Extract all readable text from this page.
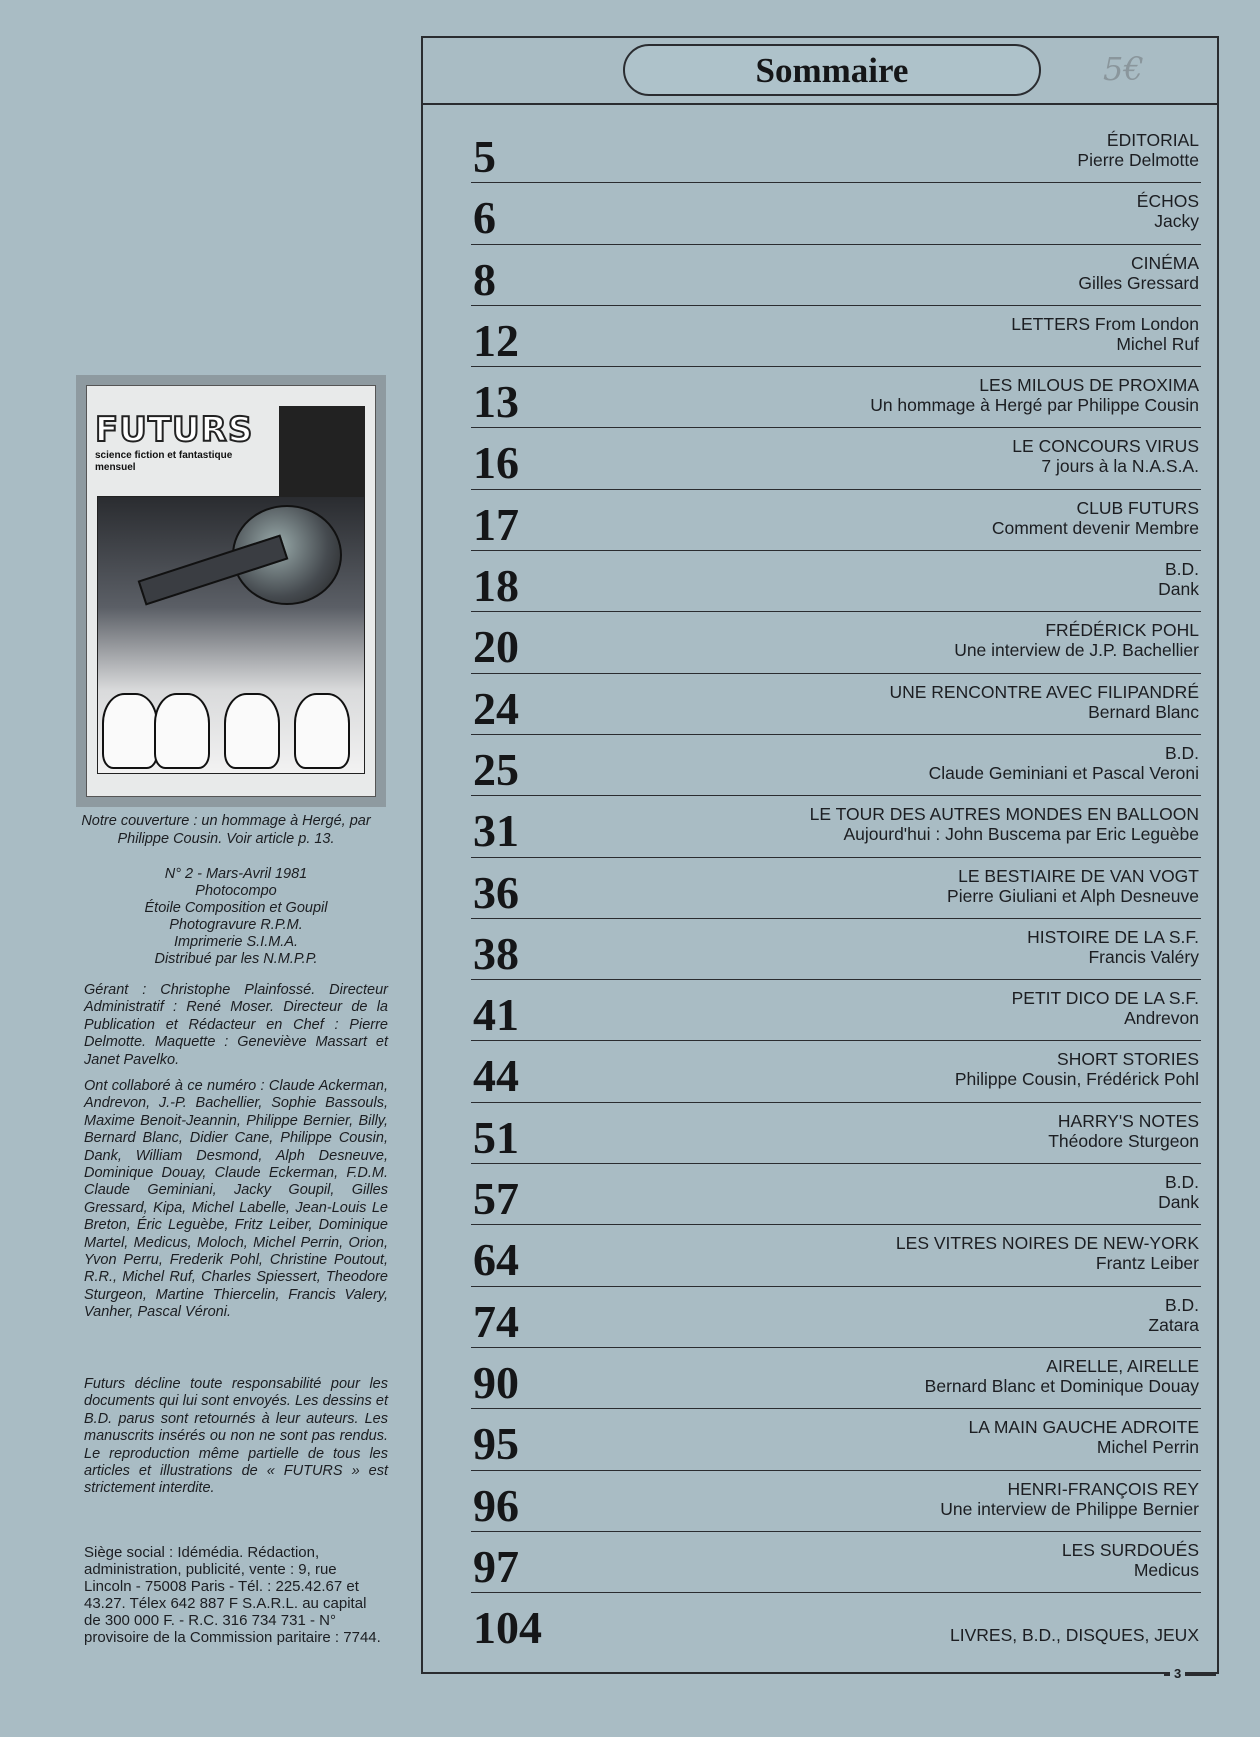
FUTURS
science fiction et fantastique
mensuel
Notre couverture : un hommage à Hergé, par Philippe Cousin. Voir article p. 13.
N° 2 - Mars-Avril 1981
Photocompo
Étoile Composition et Goupil
Photogravure R.P.M.
Imprimerie S.I.M.A.
Distribué par les N.M.P.P.
Gérant : Christophe Plainfossé. Directeur Administratif : René Moser. Directeur de la Publication et Rédacteur en Chef : Pierre Delmotte. Maquette : Geneviève Massart et Janet Pavelko.
Ont collaboré à ce numéro : Claude Ackerman, Andrevon, J.-P. Bachellier, Sophie Bassouls, Maxime Benoit-Jeannin, Philippe Bernier, Billy, Bernard Blanc, Didier Cane, Philippe Cousin, Dank, William Desmond, Alph Desneuve, Dominique Douay, Claude Eckerman, F.D.M. Claude Geminiani, Jacky Goupil, Gilles Gressard, Kipa, Michel Labelle, Jean-Louis Le Breton, Éric Leguèbe, Fritz Leiber, Dominique Martel, Medicus, Moloch, Michel Perrin, Orion, Yvon Perru, Frederik Pohl, Christine Poutout, R.R., Michel Ruf, Charles Spiessert, Theodore Sturgeon, Martine Thiercelin, Francis Valery, Vanher, Pascal Véroni.
Futurs décline toute responsabilité pour les documents qui lui sont envoyés. Les dessins et B.D. parus sont retournés à leur auteurs. Les manuscrits insérés ou non ne sont pas rendus. Le reproduction même partielle de tous les articles et illustrations de « FUTURS » est strictement interdite.
Siège social : Idémédia. Rédaction, administration, publicité, vente : 9, rue Lincoln - 75008 Paris - Tél. : 225.42.67 et 43.27. Télex 642 887 F S.A.R.L. au capital de 300 000 F. - R.C. 316 734 731 - N° provisoire de la Commission paritaire : 7744.
Sommaire	5€
5	ÉDITORIAL
Pierre Delmotte
6	ÉCHOS
Jacky
8	CINÉMA
Gilles Gressard
12	LETTERS From London
Michel Ruf
13	LES MILOUS DE PROXIMA
Un hommage à Hergé par Philippe Cousin
16	LE CONCOURS VIRUS
7 jours à la N.A.S.A.
17	CLUB FUTURS
Comment devenir Membre
18	B.D.
Dank
20	FRÉDÉRICK POHL
Une interview de J.P. Bachellier
24	UNE RENCONTRE AVEC FILIPANDRÉ
Bernard Blanc
25	B.D.
Claude Geminiani et Pascal Veroni
31	LE TOUR DES AUTRES MONDES EN BALLOON
Aujourd'hui : John Buscema par Eric Leguèbe
36	LE BESTIAIRE DE VAN VOGT
Pierre Giuliani et Alph Desneuve
38	HISTOIRE DE LA S.F.
Francis Valéry
41	PETIT DICO DE LA S.F.
Andrevon
44	SHORT STORIES
Philippe Cousin, Frédérick Pohl
51	HARRY'S NOTES
Théodore Sturgeon
57	B.D.
Dank
64	LES VITRES NOIRES DE NEW-YORK
Frantz Leiber
74	B.D.
Zatara
90	AIRELLE, AIRELLE
Bernard Blanc et Dominique Douay
95	LA MAIN GAUCHE ADROITE
Michel Perrin
96	HENRI-FRANÇOIS REY
Une interview de Philippe Bernier
97	LES SURDOUÉS
Medicus
104	LIVRES, B.D., DISQUES, JEUX
3
